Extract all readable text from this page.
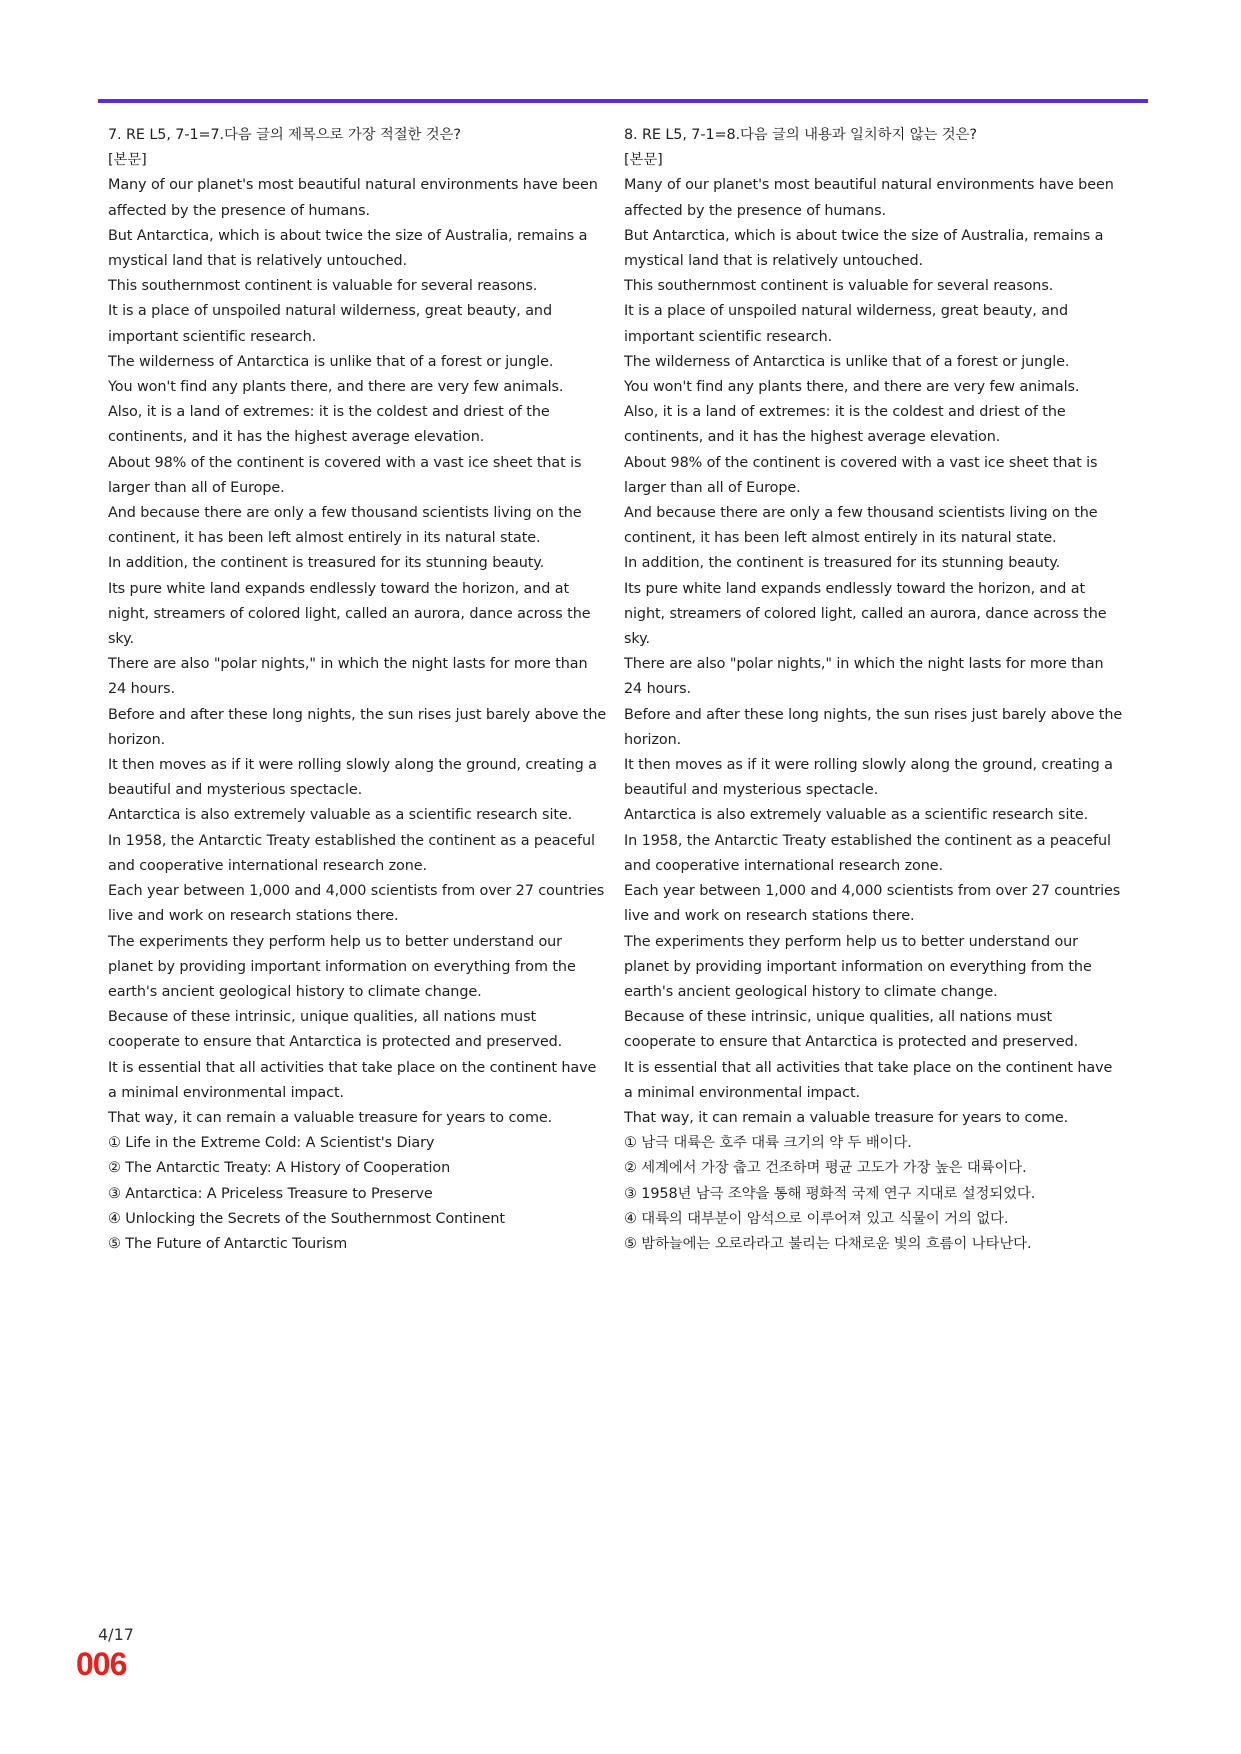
7. RE L5, 7-1=7.다음 글의 제목으로 가장 적절한 것은?

[본문]

Many of our planet's most beautiful natural environments have been affected by the presence of humans.

But Antarctica, which is about twice the size of Australia, remains a mystical land that is relatively untouched.

This southernmost continent is valuable for several reasons.

It is a place of unspoiled natural wilderness, great beauty, and important scientific research.

The wilderness of Antarctica is unlike that of a forest or jungle.

You won't find any plants there, and there are very few animals.

Also, it is a land of extremes: it is the coldest and driest of the continents, and it has the highest average elevation.

About 98% of the continent is covered with a vast ice sheet that is larger than all of Europe.

And because there are only a few thousand scientists living on the continent, it has been left almost entirely in its natural state.

In addition, the continent is treasured for its stunning beauty.

Its pure white land expands endlessly toward the horizon, and at night, streamers of colored light, called an aurora, dance across the sky.

There are also "polar nights," in which the night lasts for more than 24 hours.

Before and after these long nights, the sun rises just barely above the horizon.

It then moves as if it were rolling slowly along the ground, creating a beautiful and mysterious spectacle.

Antarctica is also extremely valuable as a scientific research site.

In 1958, the Antarctic Treaty established the continent as a peaceful and cooperative international research zone.

Each year between 1,000 and 4,000 scientists from over 27 countries live and work on research stations there.

The experiments they perform help us to better understand our planet by providing important information on everything from the earth's ancient geological history to climate change.

Because of these intrinsic, unique qualities, all nations must cooperate to ensure that Antarctica is protected and preserved.

It is essential that all activities that take place on the continent have a minimal environmental impact.

That way, it can remain a valuable treasure for years to come.

① Life in the Extreme Cold: A Scientist's Diary

② The Antarctic Treaty: A History of Cooperation

③ Antarctica: A Priceless Treasure to Preserve

④ Unlocking the Secrets of the Southernmost Continent

⑤ The Future of Antarctic Tourism

8. RE L5, 7-1=8.다음 글의 내용과 일치하지 않는 것은?

[본문]

Many of our planet's most beautiful natural environments have been affected by the presence of humans.

But Antarctica, which is about twice the size of Australia, remains a mystical land that is relatively untouched.

This southernmost continent is valuable for several reasons.

It is a place of unspoiled natural wilderness, great beauty, and important scientific research.

The wilderness of Antarctica is unlike that of a forest or jungle.

You won't find any plants there, and there are very few animals.

Also, it is a land of extremes: it is the coldest and driest of the continents, and it has the highest average elevation.

About 98% of the continent is covered with a vast ice sheet that is larger than all of Europe.

And because there are only a few thousand scientists living on the continent, it has been left almost entirely in its natural state.

In addition, the continent is treasured for its stunning beauty.

Its pure white land expands endlessly toward the horizon, and at night, streamers of colored light, called an aurora, dance across the sky.

There are also "polar nights," in which the night lasts for more than 24 hours.

Before and after these long nights, the sun rises just barely above the horizon.

It then moves as if it were rolling slowly along the ground, creating a beautiful and mysterious spectacle.

Antarctica is also extremely valuable as a scientific research site.

In 1958, the Antarctic Treaty established the continent as a peaceful and cooperative international research zone.

Each year between 1,000 and 4,000 scientists from over 27 countries live and work on research stations there.

The experiments they perform help us to better understand our planet by providing important information on everything from the earth's ancient geological history to climate change.

Because of these intrinsic, unique qualities, all nations must cooperate to ensure that Antarctica is protected and preserved.

It is essential that all activities that take place on the continent have a minimal environmental impact.

That way, it can remain a valuable treasure for years to come.

① 남극 대륙은 호주 대륙 크기의 약 두 배이다.

② 세계에서 가장 춥고 건조하며 평균 고도가 가장 높은 대륙이다.

③ 1958년 남극 조약을 통해 평화적 국제 연구 지대로 설정되었다.

④ 대륙의 대부분이 암석으로 이루어져 있고 식물이 거의 없다.

⑤ 밤하늘에는 오로라라고 불리는 다채로운 빛의 흐름이 나타난다.

4/17
006
